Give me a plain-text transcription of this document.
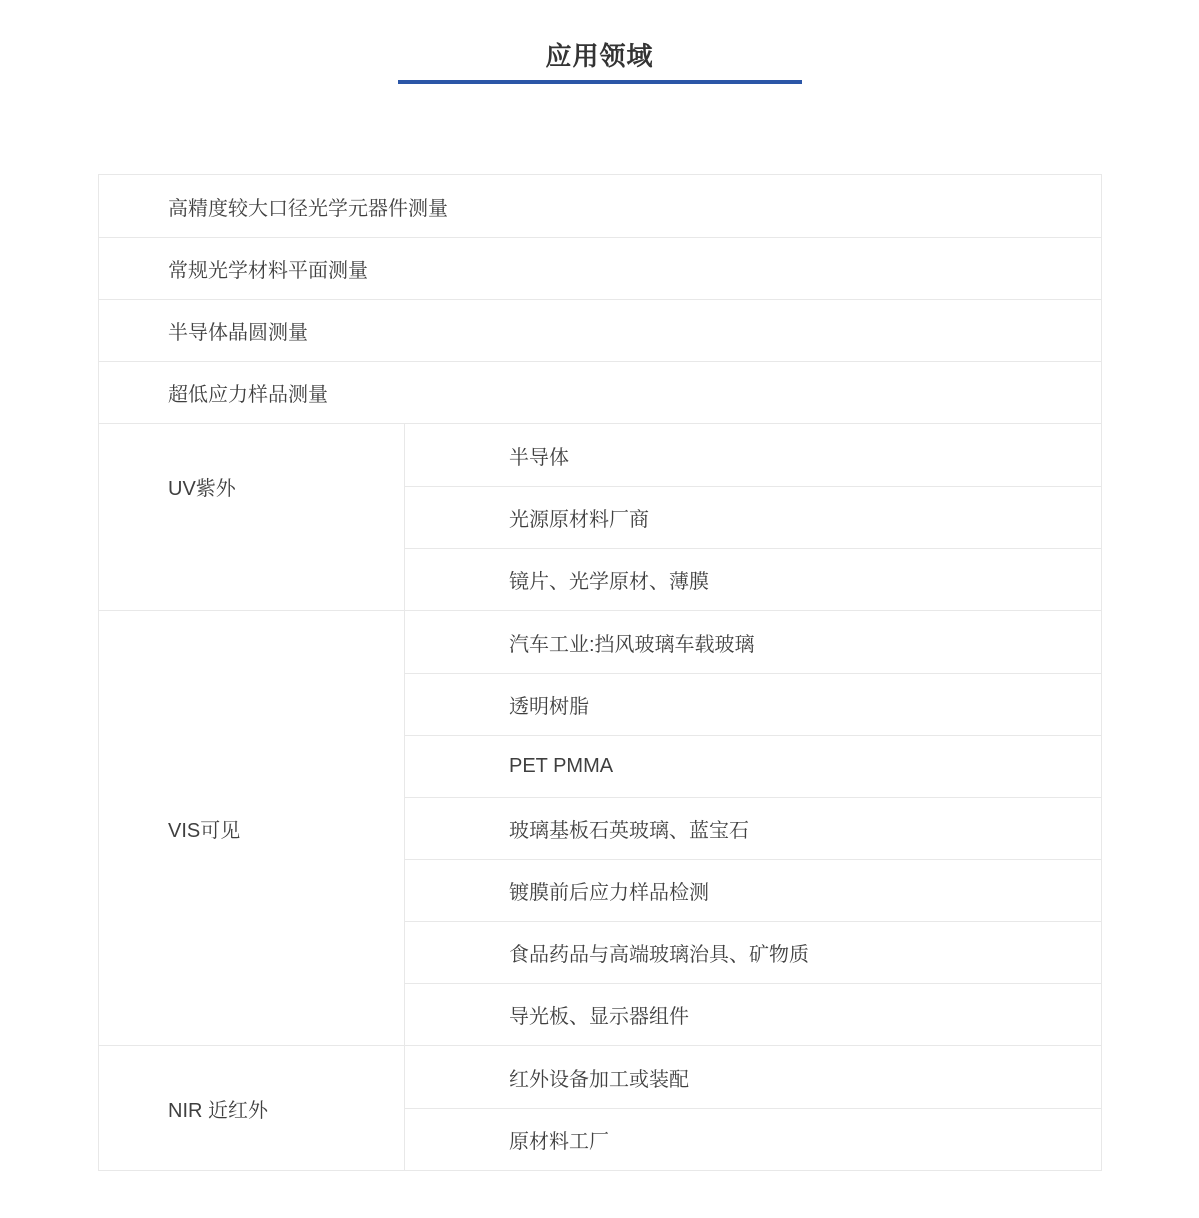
应用领域
高精度较大口径光学元器件测量
常规光学材料平面测量
半导体晶圆测量
超低应力样品测量
UV紫外
半导体
光源原材料厂商
镜片、光学原材、薄膜
VIS可见
汽车工业:挡风玻璃车载玻璃
透明树脂
PET PMMA
玻璃基板石英玻璃、蓝宝石
镀膜前后应力样品检测
食品药品与高端玻璃治具、矿物质
导光板、显示器组件
NIR 近红外
红外设备加工或装配
原材料工厂
